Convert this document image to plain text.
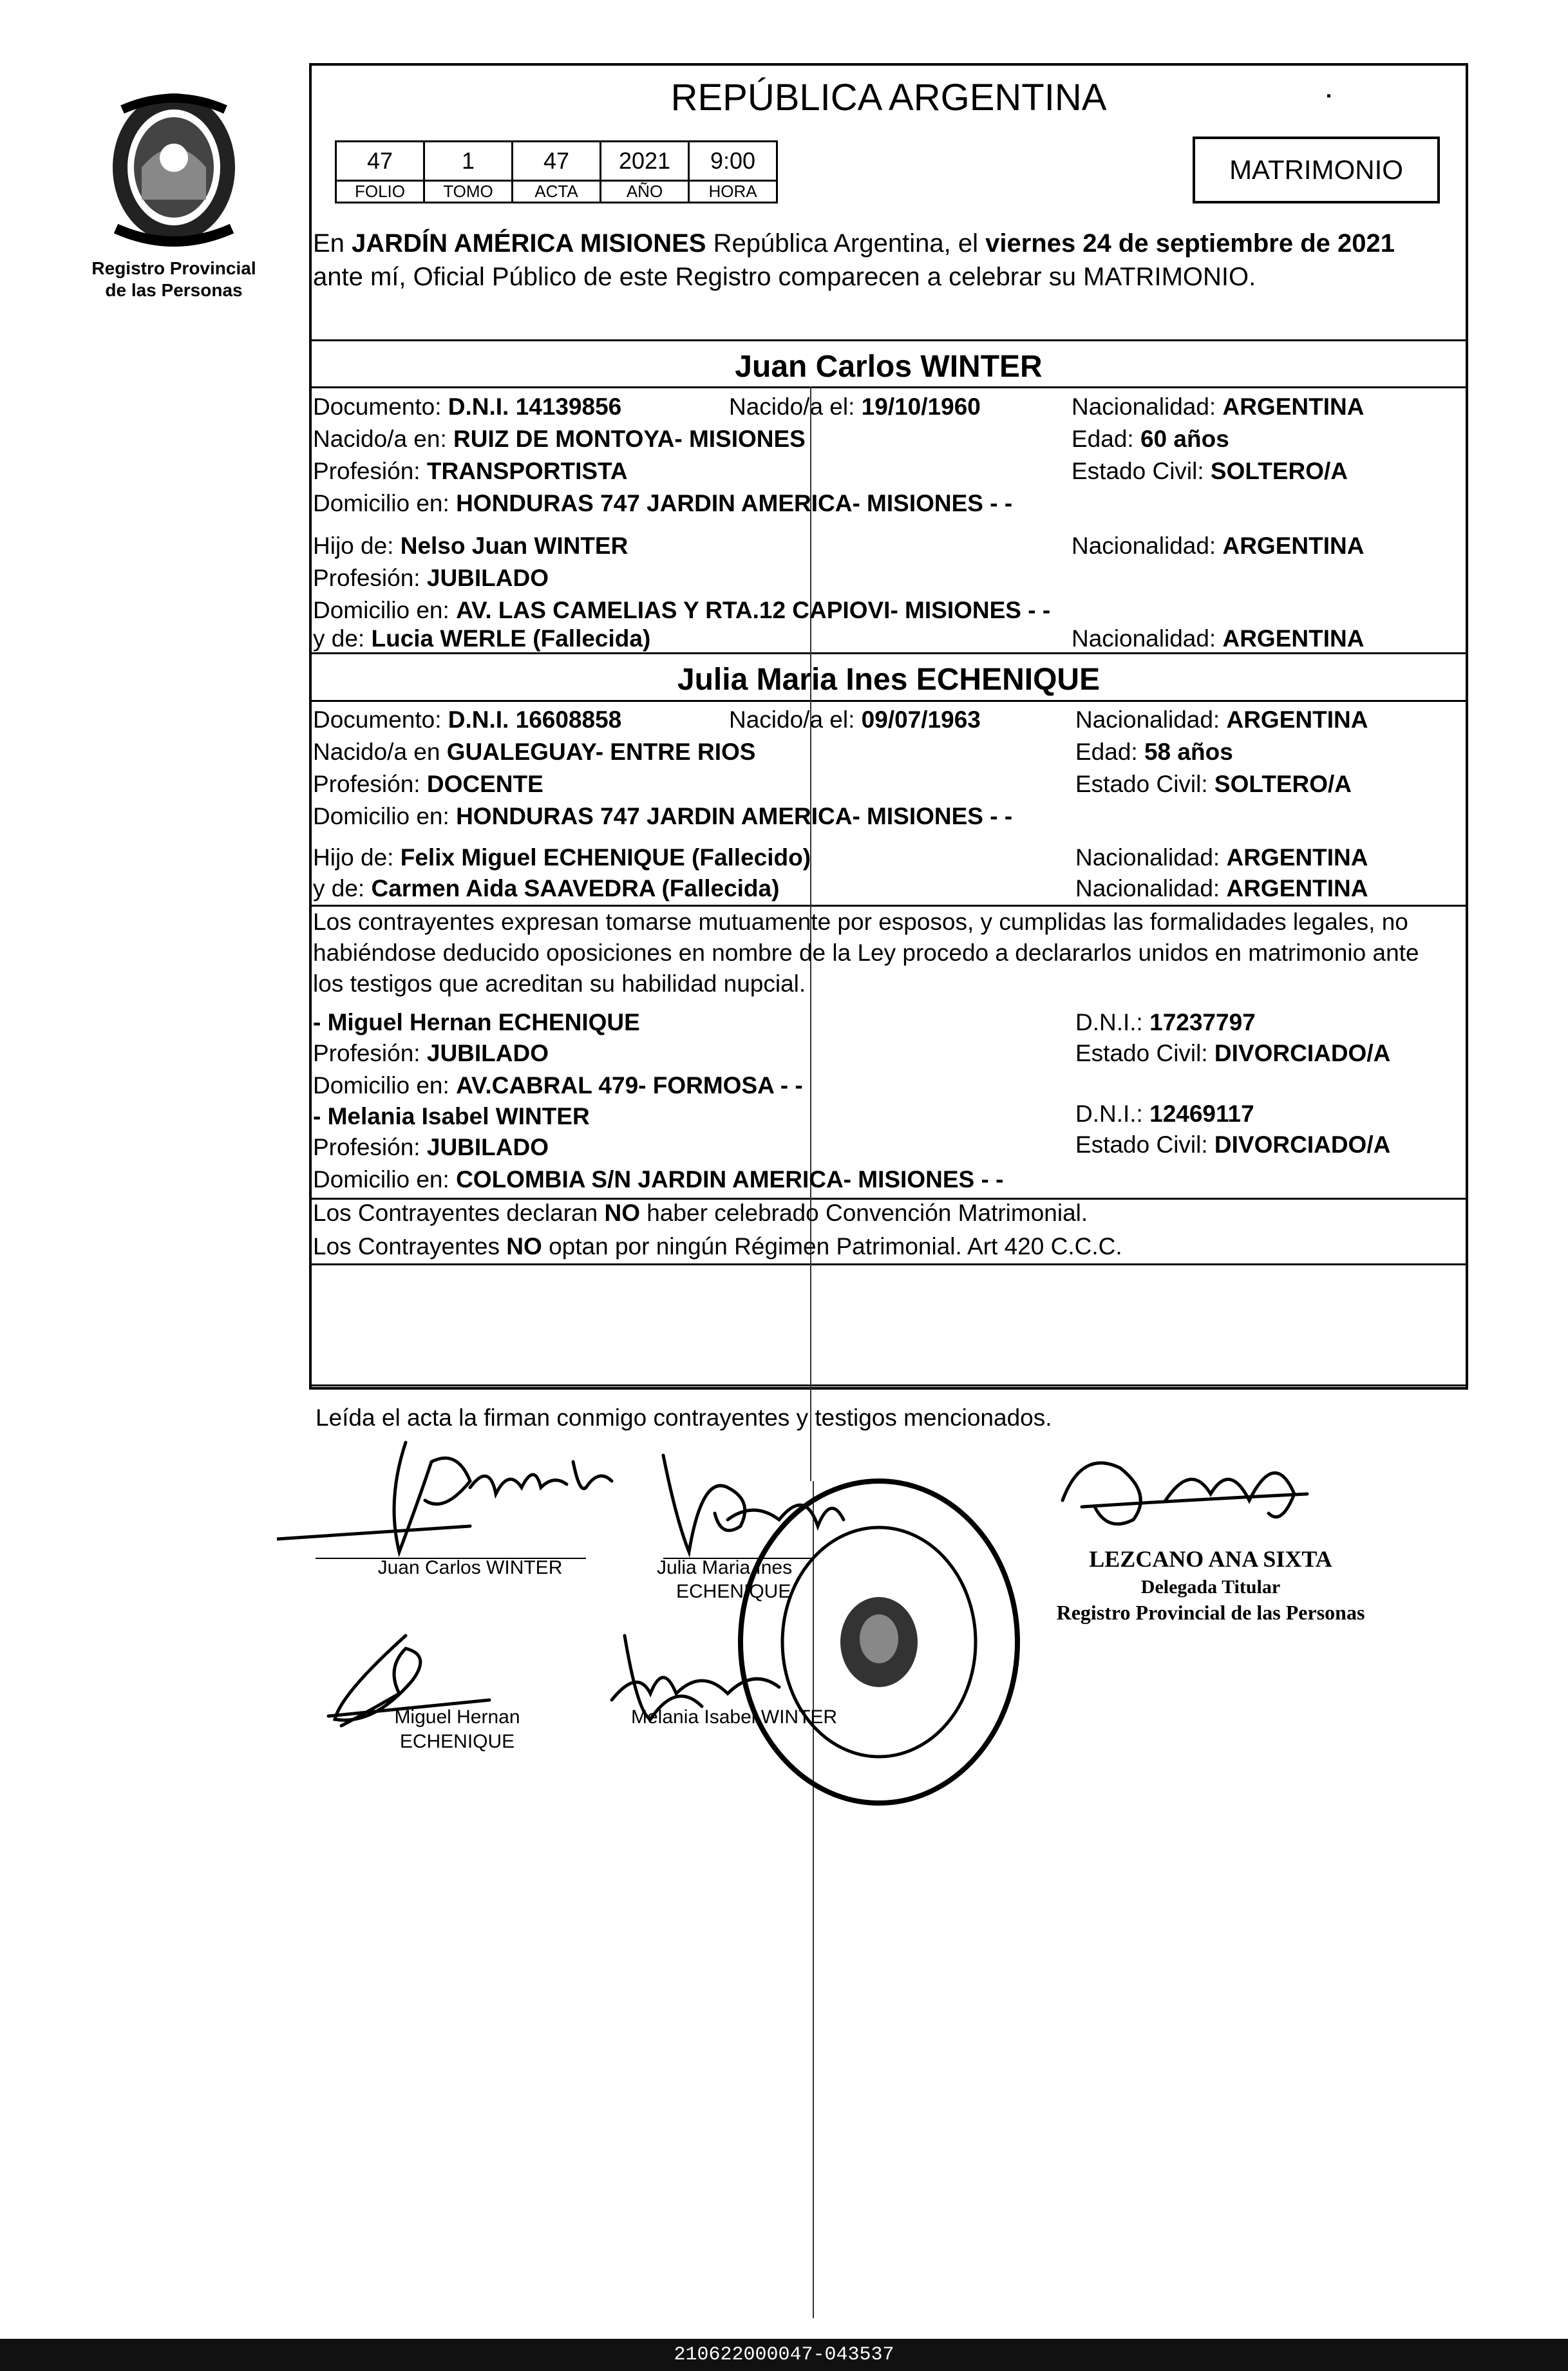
Registro Provincial
de las Personas
▪
REPÚBLICA ARGENTINA
47	1	47	2021	9:00
FOLIO	TOMO	ACTA	AÑO	HORA
MATRIMONIO
En JARDÍN AMÉRICA MISIONES República Argentina, el viernes 24 de septiembre de 2021
ante mí, Oficial Público de este Registro comparecen a celebrar su MATRIMONIO.
Juan Carlos WINTER
Documento: D.N.I. 14139856	Nacido/a el: 19/10/1960	Nacionalidad: ARGENTINA
Nacido/a en: RUIZ DE MONTOYA- MISIONES	Edad: 60 años
Profesión: TRANSPORTISTA	Estado Civil: SOLTERO/A
Domicilio en: HONDURAS 747 JARDIN AMERICA- MISIONES - -
Hijo de: Nelso Juan WINTER	Nacionalidad: ARGENTINA
Profesión: JUBILADO
Domicilio en: AV. LAS CAMELIAS Y RTA.12 CAPIOVI- MISIONES - -
y de: Lucia WERLE (Fallecida)	Nacionalidad: ARGENTINA
Julia Maria Ines ECHENIQUE
Documento: D.N.I. 16608858	Nacido/a el: 09/07/1963	Nacionalidad: ARGENTINA
Nacido/a en GUALEGUAY- ENTRE RIOS	Edad: 58 años
Profesión: DOCENTE	Estado Civil: SOLTERO/A
Domicilio en: HONDURAS 747 JARDIN AMERICA- MISIONES - -
Hijo de: Felix Miguel ECHENIQUE (Fallecido)	Nacionalidad: ARGENTINA
y de: Carmen Aida SAAVEDRA (Fallecida)	Nacionalidad: ARGENTINA
Los contrayentes expresan tomarse mutuamente por esposos, y cumplidas las formalidades legales, no
habiéndose deducido oposiciones en nombre de la Ley procedo a declararlos unidos en matrimonio ante
los testigos que acreditan su habilidad nupcial.
- Miguel Hernan ECHENIQUE	D.N.I.: 17237797
Profesión: JUBILADO	Estado Civil: DIVORCIADO/A
Domicilio en: AV.CABRAL 479- FORMOSA - -
- Melania Isabel WINTER	D.N.I.: 12469117
Profesión: JUBILADO	Estado Civil: DIVORCIADO/A
Domicilio en: COLOMBIA S/N JARDIN AMERICA- MISIONES - -
Los Contrayentes declaran NO haber celebrado Convención Matrimonial.
Los Contrayentes NO optan por ningún Régimen Patrimonial. Art 420 C.C.C.
Leída el acta la firman conmigo contrayentes y testigos mencionados.
Juan Carlos WINTER	Julia Maria Ines
ECHENIQUE
Miguel Hernan
ECHENIQUE
Melania Isabel WINTER
LEZCANO ANA SIXTA
Delegada Titular
Registro Provincial de las Personas
210622000047-043537
